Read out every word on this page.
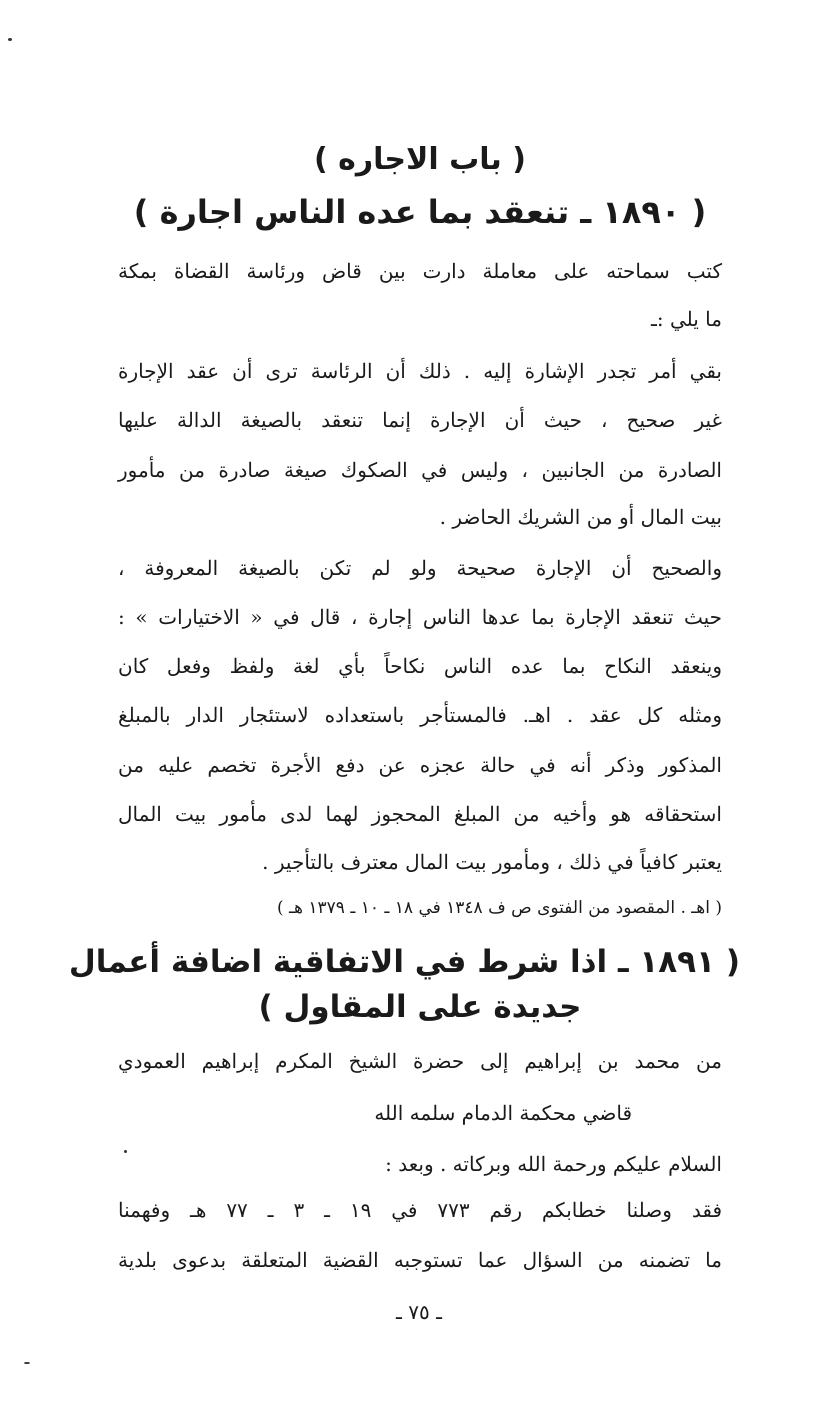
( باب الاجاره )
( ١٨٩٠ ـ تنعقد بما عده الناس اجارة )
كتب سماحته على معاملة دارت بين قاض ورئاسة القضاة بمكة
ما يلي :ـ
بقي أمر تجدر الإشارة إليه . ذلك أن الرئاسة ترى أن عقد الإجارة
غير صحيح ، حيث أن الإجارة إنما تنعقد بالصيغة الدالة عليها
الصادرة من الجانبين ، وليس في الصكوك صيغة صادرة من مأمور
بيت المال أو من الشريك الحاضر .
والصحيح أن الإجارة صحيحة ولو لم تكن بالصيغة المعروفة ،
حيث تنعقد الإجارة بما عدها الناس إجارة ، قال في « الاختيارات » :
وينعقد النكاح بما عده الناس نكاحاً بأي لغة ولفظ وفعل كان
ومثله كل عقد . اهـ. فالمستأجر باستعداده لاستئجار الدار بالمبلغ
المذكور وذكر أنه في حالة عجزه عن دفع الأجرة تخصم عليه من
استحقاقه هو وأخيه من المبلغ المحجوز لهما لدى مأمور بيت المال
يعتبر كافياً في ذلك ، ومأمور بيت المال معترف بالتأجير .
( اهـ . المقصود من الفتوى ص ف ١٣٤٨ في ١٨ ـ ١٠ ـ ١٣٧٩ هـ )
( ١٨٩١ ـ اذا شرط في الاتفاقية اضافة أعمال
جديدة على المقاول )
من محمد بن إبراهيم إلى حضرة الشيخ المكرم إبراهيم العمودي
قاضي محكمة الدمام سلمه الله
السلام عليكم ورحمة الله وبركاته . وبعد :
فقد وصلنا خطابكم رقم ٧٧٣ في ١٩ ـ ٣ ـ ٧٧ هـ وفهمنا
ما تضمنه من السؤال عما تستوجبه القضية المتعلقة بدعوى بلدية
ـ ٧٥ ـ
